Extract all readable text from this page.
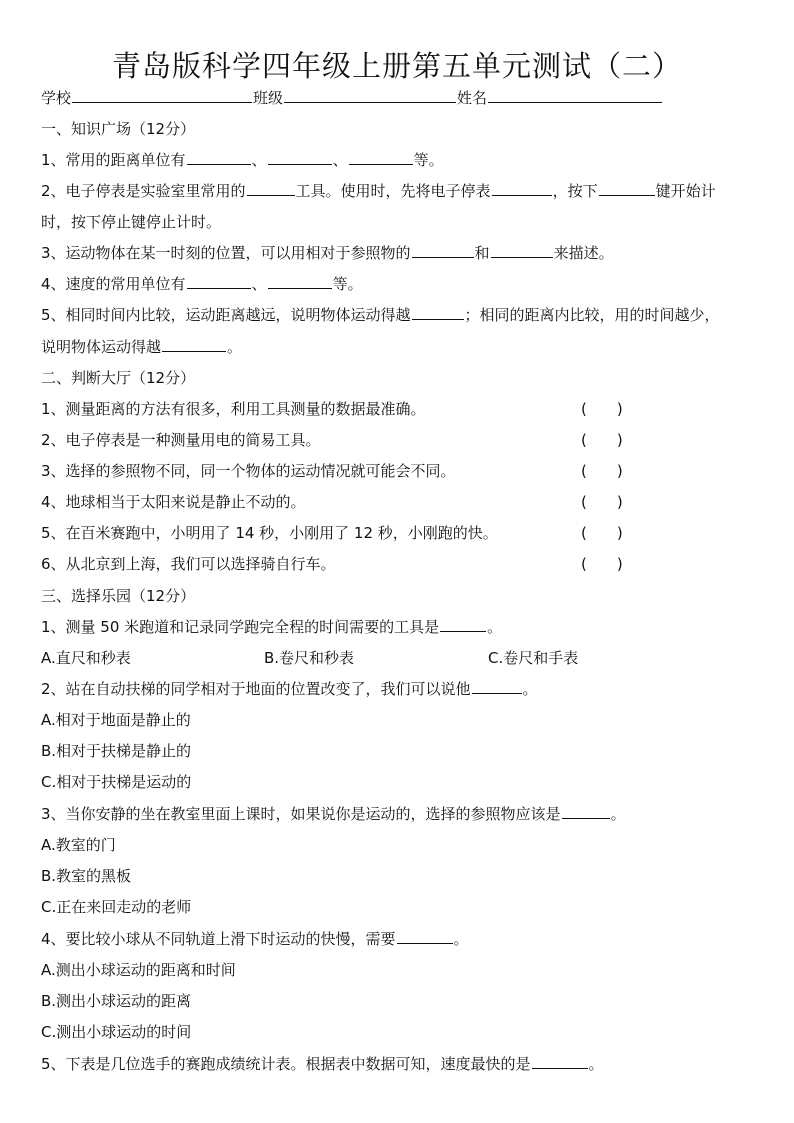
青岛版科学四年级上册第五单元测试（二）
学校	班级	姓名
一、知识广场（12分）
1、常用的距离单位有	、	、	等。
2、电子停表是实验室里常用的	工具。使用时，先将电子停表	，按下	键开始计
时，按下停止键停止计时。
3、运动物体在某一时刻的位置，可以用相对于参照物的	和	来描述。
4、速度的常用单位有	、	等。
5、相同时间内比较，运动距离越远，说明物体运动得越	；相同的距离内比较，用的时间越少，
说明物体运动得越	。
二、判断大厅（12分）
1、测量距离的方法有很多，利用工具测量的数据最准确。	(　　)
2、电子停表是一种测量用电的简易工具。	(　　)
3、选择的参照物不同，同一个物体的运动情况就可能会不同。	(　　)
4、地球相当于太阳来说是静止不动的。	(　　)
5、在百米赛跑中，小明用了 14 秒，小刚用了 12 秒，小刚跑的快。	(　　)
6、从北京到上海，我们可以选择骑自行车。	(　　)
三、选择乐园（12分）
1、测量 50 米跑道和记录同学跑完全程的时间需要的工具是	。
A.直尺和秒表	B.卷尺和秒表	C.卷尺和手表
2、站在自动扶梯的同学相对于地面的位置改变了，我们可以说他	。
A.相对于地面是静止的
B.相对于扶梯是静止的
C.相对于扶梯是运动的
3、当你安静的坐在教室里面上课时，如果说你是运动的，选择的参照物应该是	。
A.教室的门
B.教室的黑板
C.正在来回走动的老师
4、要比较小球从不同轨道上滑下时运动的快慢，需要	。
A.测出小球运动的距离和时间
B.测出小球运动的距离
C.测出小球运动的时间
5、下表是几位选手的赛跑成绩统计表。根据表中数据可知，速度最快的是	。
